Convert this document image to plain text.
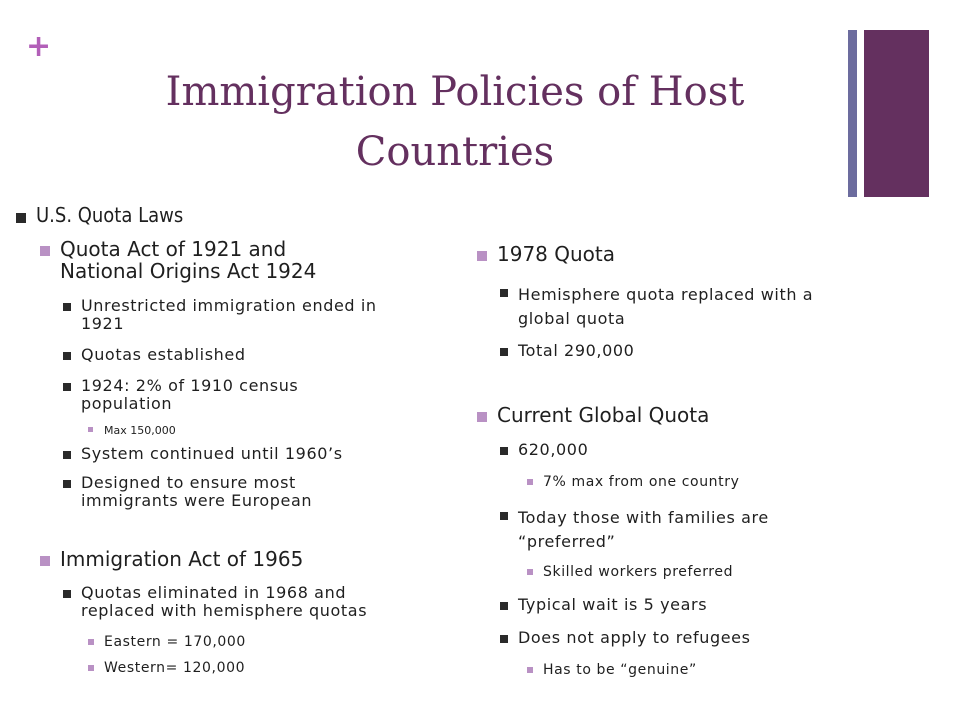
+
Immigration Policies of Host
Countries
U.S. Quota Laws
Quota Act of 1921 and
National Origins Act 1924
Unrestricted immigration ended in
1921
Quotas established
1924: 2% of 1910 census
population
Max 150,000
System continued until 1960’s
Designed to ensure most
immigrants were European
Immigration Act of 1965
Quotas eliminated in 1968 and
replaced with hemisphere quotas
Eastern = 170,000
Western= 120,000
1978 Quota
Hemisphere quota replaced with a
global quota
Total 290,000
Current Global Quota
620,000
7% max from one country
Today those with families are
“preferred”
Skilled workers preferred
Typical wait is 5 years
Does not apply to refugees
Has to be “genuine”
